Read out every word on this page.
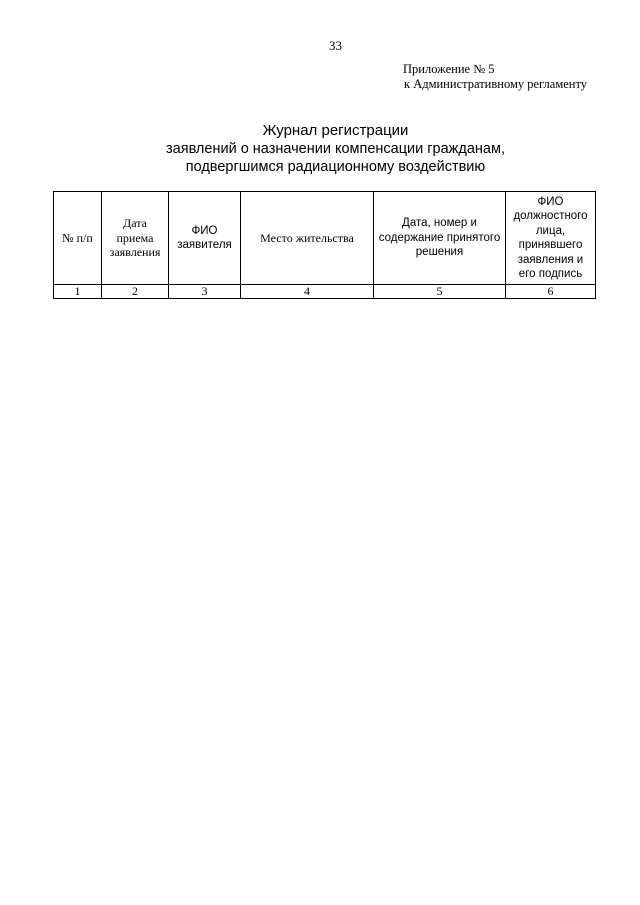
33
Приложение № 5
к Административному регламенту
Журнал регистрации
заявлений о назначении компенсации гражданам,
подвергшимся радиационному воздействию
№ п/п	Дата приема заявления	ФИО заявителя	Место жительства	Дата, номер и содержание принятого решения	ФИО должностного лица, принявшего заявления и его подпись
1	2	3	4	5	6
